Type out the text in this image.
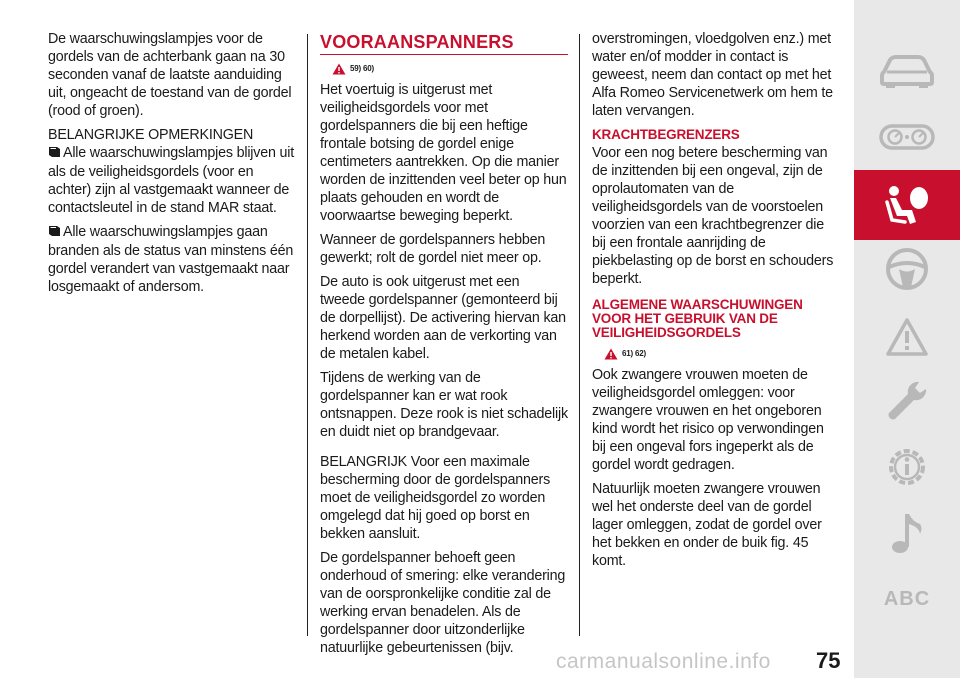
De waarschuwingslampjes voor de gordels van de achterbank gaan na 30 seconden vanaf de laatste aanduiding uit, ongeacht de toestand van de gordel (rood of groen).

BELANGRIJKE OPMERKINGEN

Alle waarschuwingslampjes blijven uit als de veiligheidsgordels (voor en achter) zijn al vastgemaakt wanneer de contactsleutel in de stand MAR staat.

Alle waarschuwingslampjes gaan branden als de status van minstens één gordel verandert van vastgemaakt naar losgemaakt of andersom.

VOORAANSPANNERS
59) 60)

Het voertuig is uitgerust met veiligheidsgordels voor met gordelspanners die bij een heftige frontale botsing de gordel enige centimeters aantrekken. Op die manier worden de inzittenden veel beter op hun plaats gehouden en wordt de voorwaartse beweging beperkt.

Wanneer de gordelspanners hebben gewerkt; rolt de gordel niet meer op.

De auto is ook uitgerust met een tweede gordelspanner (gemonteerd bij de dorpellijst). De activering hiervan kan herkend worden aan de verkorting van de metalen kabel.

Tijdens de werking van de gordelspanner kan er wat rook ontsnappen. Deze rook is niet schadelijk en duidt niet op brandgevaar.

BELANGRIJK Voor een maximale bescherming door de gordelspanners moet de veiligheidsgordel zo worden omgelegd dat hij goed op borst en bekken aansluit.

De gordelspanner behoeft geen onderhoud of smering: elke verandering van de oorspronkelijke conditie zal de werking ervan benadelen. Als de gordelspanner door uitzonderlijke natuurlijke gebeurtenissen (bijv.

overstromingen, vloedgolven enz.) met water en/of modder in contact is geweest, neem dan contact op met het Alfa Romeo Servicenetwerk om hem te laten vervangen.

KRACHTBEGRENZERS

Voor een nog betere bescherming van de inzittenden bij een ongeval, zijn de oprolautomaten van de veiligheidsgordels van de voorstoelen voorzien van een krachtbegrenzer die bij een frontale aanrijding de piekbelasting op de borst en schouders beperkt.

ALGEMENE WAARSCHUWINGEN VOOR HET GEBRUIK VAN DE VEILIGHEIDSGORDELS
61) 62)

Ook zwangere vrouwen moeten de veiligheidsgordel omleggen: voor zwangere vrouwen en het ongeboren kind wordt het risico op verwondingen bij een ongeval fors ingeperkt als de gordel wordt gedragen.

Natuurlijk moeten zwangere vrouwen wel het onderste deel van de gordel lager omleggen, zodat de gordel over het bekken en onder de buik fig. 45 komt.

ABC
75
carmanualsonline.info
